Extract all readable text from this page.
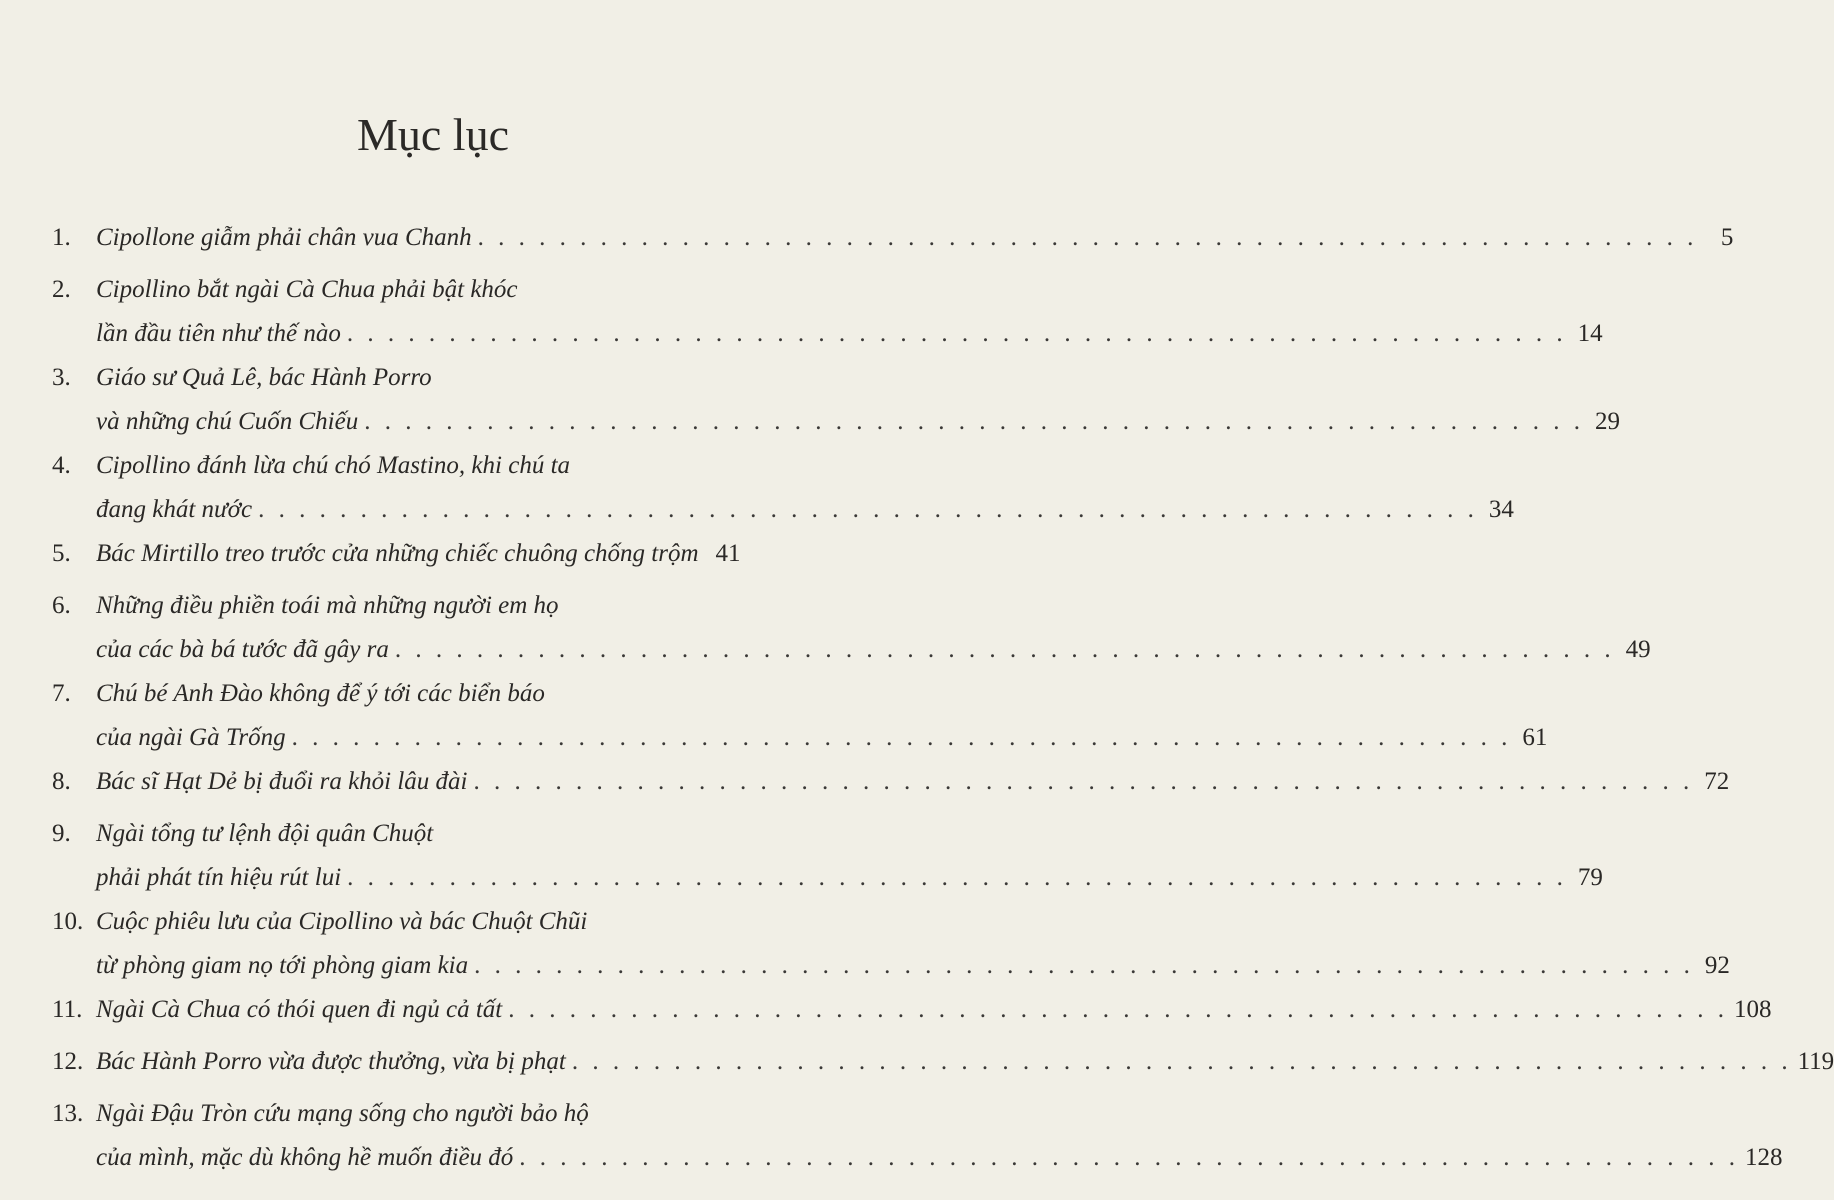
Mục lục
1.	Cipollone giẫm phải chân vua Chanh . . . . . . . . . . . . . . . . . . . . . . . . . . . . . . . . . . . . . . . . . . . . . . . . . . . . . . . . . . . . 5
2.	Cipollino bắt ngài Cà Chua phải bật khóc
lần đầu tiên như thế nào . . . . . . . . . . . . . . . . . . . . . . . . . . . . . . . . . . . . . . . . . . . . . . . . . . . . . . . . . . . . 14
3.	Giáo sư Quả Lê, bác Hành Porro
và những chú Cuốn Chiếu . . . . . . . . . . . . . . . . . . . . . . . . . . . . . . . . . . . . . . . . . . . . . . . . . . . . . . . . . . . . 29
4.	Cipollino đánh lừa chú chó Mastino, khi chú ta
đang khát nước . . . . . . . . . . . . . . . . . . . . . . . . . . . . . . . . . . . . . . . . . . . . . . . . . . . . . . . . . . . . 34
5.	Bác Mirtillo treo trước cửa những chiếc chuông chống trộm 41
6.	Những điều phiền toái mà những người em họ
của các bà bá tước đã gây ra . . . . . . . . . . . . . . . . . . . . . . . . . . . . . . . . . . . . . . . . . . . . . . . . . . . . . . . . . . . . 49
7.	Chú bé Anh Đào không để ý tới các biển báo
của ngài Gà Trống . . . . . . . . . . . . . . . . . . . . . . . . . . . . . . . . . . . . . . . . . . . . . . . . . . . . . . . . . . . . 61
8.	Bác sĩ Hạt Dẻ bị đuổi ra khỏi lâu đài . . . . . . . . . . . . . . . . . . . . . . . . . . . . . . . . . . . . . . . . . . . . . . . . . . . . . . . . . . . . 72
9.	Ngài tổng tư lệnh đội quân Chuột
phải phát tín hiệu rút lui . . . . . . . . . . . . . . . . . . . . . . . . . . . . . . . . . . . . . . . . . . . . . . . . . . . . . . . . . . . . 79
10. Cuộc phiêu lưu của Cipollino và bác Chuột Chũi
từ phòng giam nọ tới phòng giam kia . . . . . . . . . . . . . . . . . . . . . . . . . . . . . . . . . . . . . . . . . . . . . . . . . . . . . . . . . . . . 92
11. Ngài Cà Chua có thói quen đi ngủ cả tất . . . . . . . . . . . . . . . . . . . . . . . . . . . . . . . . . . . . . . . . . . . . . . . . . . . . . . . . . . . . 108
12. Bác Hành Porro vừa được thưởng, vừa bị phạt . . . . . . . . . . . . . . . . . . . . . . . . . . . . . . . . . . . . . . . . . . . . . . . . . . . . . . . . . . . . 119
13. Ngài Đậu Tròn cứu mạng sống cho người bảo hộ
của mình, mặc dù không hề muốn điều đó . . . . . . . . . . . . . . . . . . . . . . . . . . . . . . . . . . . . . . . . . . . . . . . . . . . . . . . . . . . . 128
